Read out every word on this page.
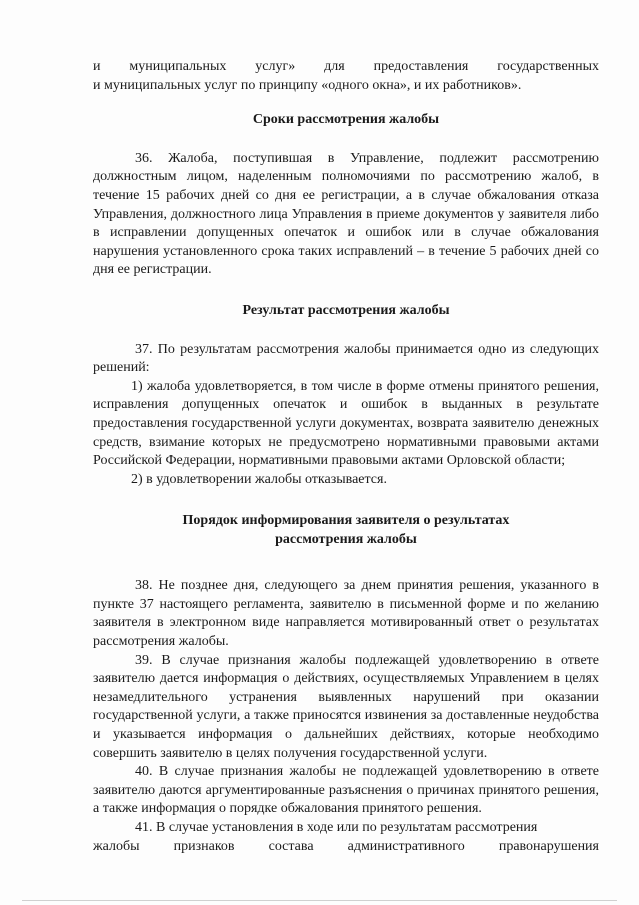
и муниципальных услуг» для предоставления государственных

и муниципальных услуг по принципу «одного окна», и их работников».

Сроки рассмотрения жалобы

36. Жалоба, поступившая в Управление, подлежит рассмотрению должностным лицом, наделенным полномочиями по рассмотрению жалоб, в течение 15 рабочих дней со дня ее регистрации, а в случае обжалования отказа Управления, должностного лица Управления в приеме документов у заявителя либо в исправлении допущенных опечаток и ошибок или в случае обжалования нарушения установленного срока таких исправлений – в течение 5 рабочих дней со дня ее регистрации.

Результат рассмотрения жалобы

37. По результатам рассмотрения жалобы принимается одно из следующих решений:

1) жалоба удовлетворяется, в том числе в форме отмены принятого решения, исправления допущенных опечаток и ошибок в выданных в результате предоставления государственной услуги документах, возврата заявителю денежных средств, взимание которых не предусмотрено нормативными правовыми актами Российской Федерации, нормативными правовыми актами Орловской области;

2) в удовлетворении жалобы отказывается.

Порядок информирования заявителя о результатах
рассмотрения жалобы

38. Не позднее дня, следующего за днем принятия решения, указанного в пункте 37 настоящего регламента, заявителю в письменной форме и по желанию заявителя в электронном виде направляется мотивированный ответ о результатах рассмотрения жалобы.

39. В случае признания жалобы подлежащей удовлетворению в ответе заявителю дается информация о действиях, осуществляемых Управлением в целях незамедлительного устранения выявленных нарушений при оказании государственной услуги, а также приносятся извинения за доставленные неудобства и указывается информация о дальнейших действиях, которые необходимо совершить заявителю в целях получения государственной услуги.

40. В случае признания жалобы не подлежащей удовлетворению в ответе заявителю даются аргументированные разъяснения о причинах принятого решения, а также информация о порядке обжалования принятого решения.

41. В случае установления в ходе или по результатам рассмотрения

жалобы признаков состава административного правонарушения
